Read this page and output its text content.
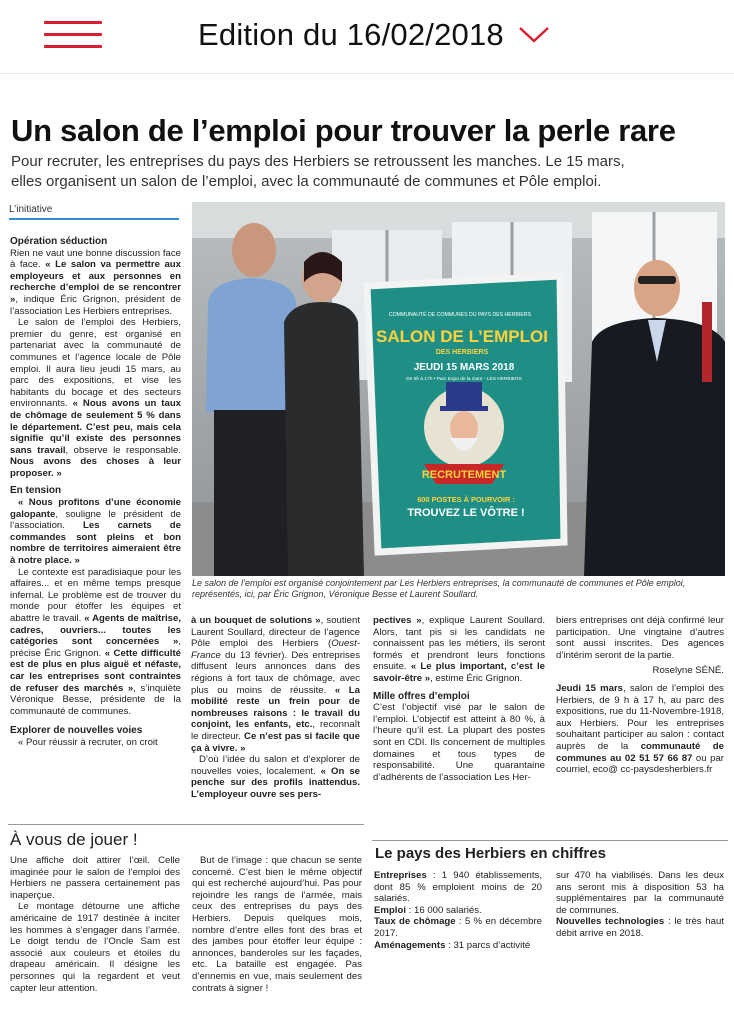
Edition du 16/02/2018
Un salon de l’emploi pour trouver la perle rare
Pour recruter, les entreprises du pays des Herbiers se retroussent les manches. Le 15 mars,
elles organisent un salon de l’emploi, avec la communauté de communes et Pôle emploi.
L’initiative

Opération séduction

Rien ne vaut une bonne discussion face à face. « Le salon va permettre aux employeurs et aux personnes en recherche d’emploi de se rencontrer », indique Éric Grignon, président de l’association Les Herbiers entreprises.

Le salon de l’emploi des Herbiers, premier du genre, est organisé en partenariat avec la communauté de communes et l’agence locale de Pôle emploi. Il aura lieu jeudi 15 mars, au parc des expositions, et vise les habitants du bocage et des secteurs environnants. « Nous avons un taux de chômage de seulement 5 % dans le département. C’est peu, mais cela signifie qu’il existe des personnes sans travail, observe le responsable. Nous avons des choses à leur proposer. »

En tension

« Nous profitons d’une économie galopante, souligne le président de l’association. Les carnets de commandes sont pleins et bon nombre de territoires aimeraient être à notre place. »

Le contexte est paradisiaque pour les affaires... et en même temps presque infernal. Le problème est de trouver du monde pour étoffer les équipes et abattre le travail. « Agents de maîtrise, cadres, ouvriers... toutes les catégories sont concernées », précise Éric Grignon. « Cette difficulté est de plus en plus aiguë et néfaste, car les entreprises sont contraintes de refuser des marchés », s’inquiète Véronique Besse, présidente de la communauté de communes.

Explorer de nouvelles voies

« Pour réussir à recruter, on croit

COMMUNAUTÉ DE COMMUNES DU PAYS DES HERBIERS
SALON DE L’EMPLOI
DES HERBIERS
JEUDI 15 MARS 2018
De 9h à 17h • Parc Expo de la Gare - LES HERBIERS
RECRUTEMENT
600 POSTES À POURVOIR :
TROUVEZ LE VÔTRE !
Le salon de l’emploi est organisé conjointement par Les Herbiers entreprises, la communauté de communes et Pôle emploi, représentés, ici, par Éric Grignon, Véronique Besse et Laurent Soullard.

à un bouquet de solutions », soutient Laurent Soullard, directeur de l’agence Pôle emploi des Herbiers (Ouest-France du 13 février). Des entreprises diffusent leurs annonces dans des régions à fort taux de chômage, avec plus ou moins de réussite. « La mobilité reste un frein pour de nombreuses raisons : le travail du conjoint, les enfants, etc., reconnaît le directeur. Ce n’est pas si facile que ça à vivre. »

D’où l’idée du salon et d’explorer de nouvelles voies, localement. « On se penche sur des profils inattendus. L’employeur ouvre ses pers-

pectives », explique Laurent Soullard. Alors, tant pis si les candidats ne connaissent pas les métiers, ils seront formés et prendront leurs fonctions ensuite. « Le plus important, c’est le savoir-être », estime Éric Grignon.

Mille offres d’emploi

C’est l’objectif visé par le salon de l’emploi. L’objectif est atteint à 80 %, à l’heure qu’il est. La plupart des postes sont en CDI. Ils concernent de multiples domaines et tous types de responsabilité. Une quarantaine d’adhérents de l’association Les Her-

biers entreprises ont déjà confirmé leur participation. Une vingtaine d’autres sont aussi inscrites. Des agences d’intérim seront de la partie.

Roselyne SÉNÉ.

Jeudi 15 mars, salon de l’emploi des Herbiers, de 9 h à 17 h, au parc des expositions, rue du 11-Novembre-1918, aux Herbiers. Pour les entreprises souhaitant participer au salon : contact auprès de la communauté de communes au 02 51 57 66 87 ou par courriel, eco@ cc-paysdesherbiers.fr

À vous de jouer !

Une affiche doit attirer l’œil. Celle imaginée pour le salon de l’emploi des Herbiers ne passera certainement pas inaperçue.

Le montage détourne une affiche américaine de 1917 destinée à inciter les hommes à s’engager dans l’armée. Le doigt tendu de l’Oncle Sam est associé aux couleurs et étoiles du drapeau américain. Il désigne les personnes qui la regardent et veut capter leur attention.

But de l’image : que chacun se sente concerné. C’est bien le même objectif qui est recherché aujourd’hui. Pas pour rejoindre les rangs de l’armée, mais ceux des entreprises du pays des Herbiers. Depuis quelques mois, nombre d’entre elles font des bras et des jambes pour étoffer leur équipe : annonces, banderoles sur les façades, etc. La bataille est engagée. Pas d’ennemis en vue, mais seulement des contrats à signer !

Le pays des Herbiers en chiffres

Entreprises : 1 940 établissements, dont 85 % emploient moins de 20 salariés.

Emploi : 16 000 salariés.

Taux de chômage : 5 % en décembre 2017.

Aménagements : 31 parcs d’activité

sur 470 ha viabilisés. Dans les deux ans seront mis à disposition 53 ha supplémentaires par la communauté de communes.

Nouvelles technologies : le très haut débit arrive en 2018.
